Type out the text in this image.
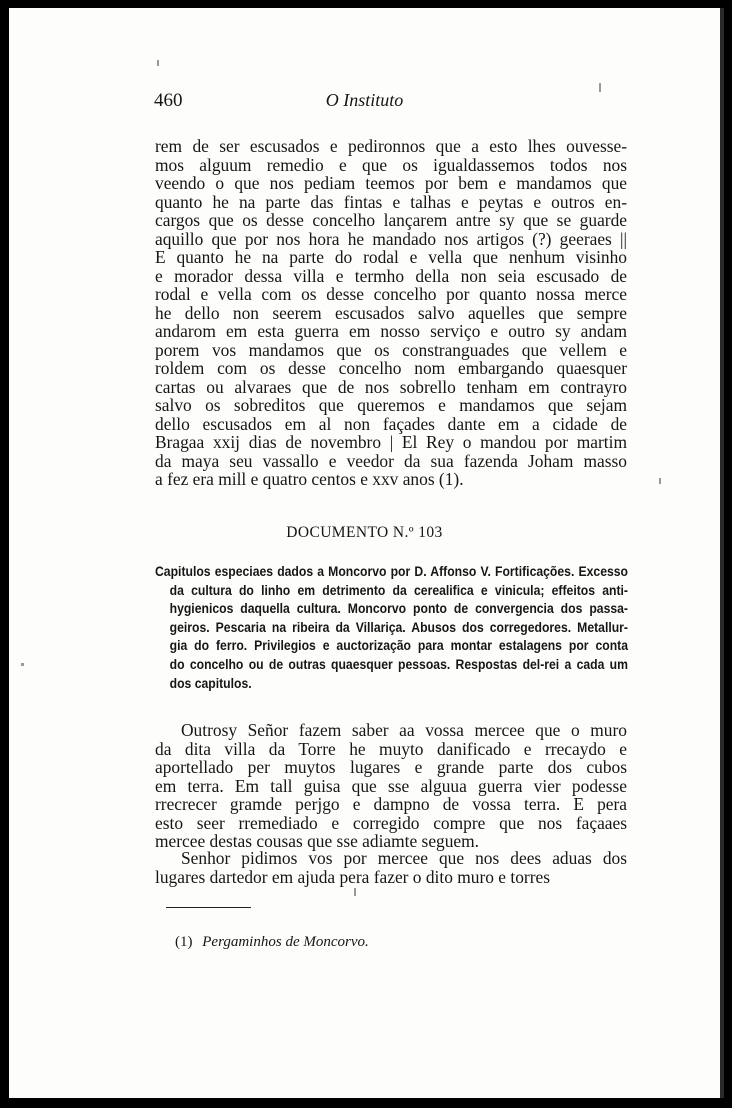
460	O Instituto

rem de ser escusados e pedironnos que a esto lhes ouvesse-
mos alguum remedio e que os igualdassemos todos nos
veendo o que nos pediam teemos por bem e mandamos que
quanto he na parte das fintas e talhas e peytas e outros en-
cargos que os desse concelho lançarem antre sy que se guarde
aquillo que por nos hora he mandado nos artigos (?) geeraes ||
E quanto he na parte do rodal e vella que nenhum visinho
e morador dessa villa e termho della non seia escusado de
rodal e vella com os desse concelho por quanto nossa merce
he dello non seerem escusados salvo aquelles que sempre
andarom em esta guerra em nosso serviço e outro sy andam
porem vos mandamos que os constranguades que vellem e
roldem com os desse concelho nom embargando quaesquer
cartas ou alvaraes que de nos sobrello tenham em contrayro
salvo os sobreditos que queremos e mandamos que sejam
dello escusados em al non façades dante em a cidade de
Bragaa xxij dias de novembro | El Rey o mandou por martim
da maya seu vassallo e veedor da sua fazenda Joham masso
a fez era mill e quatro centos e xxv anos (1).

DOCUMENTO N.º 103

Capitulos especiaes dados a Moncorvo por D. Affonso V. Fortificações. Excesso
da cultura do linho em detrimento da cerealifica e vinicula; effeitos anti-
hygienicos daquella cultura. Moncorvo ponto de convergencia dos passa-
geiros. Pescaria na ribeira da Villariça. Abusos dos corregedores. Metallur-
gia do ferro. Privilegios e auctorização para montar estalagens por conta
do concelho ou de outras quaesquer pessoas. Respostas del-rei a cada um
dos capitulos.

Outrosy Señor fazem saber aa vossa mercee que o muro
da dita villa da Torre he muyto danificado e rrecaydo e
aportellado per muytos lugares e grande parte dos cubos
em terra. Em tall guisa que sse alguua guerra vier podesse
rrecrecer gramde perjgo e dampno de vossa terra. E pera
esto seer rremediado e corregido compre que nos façaaes
mercee destas cousas que sse adiamte seguem.

Senhor pidimos vos por mercee que nos dees aduas dos
lugares dartedor em ajuda pera fazer o dito muro e torres

(1) Pergaminhos de Moncorvo.
